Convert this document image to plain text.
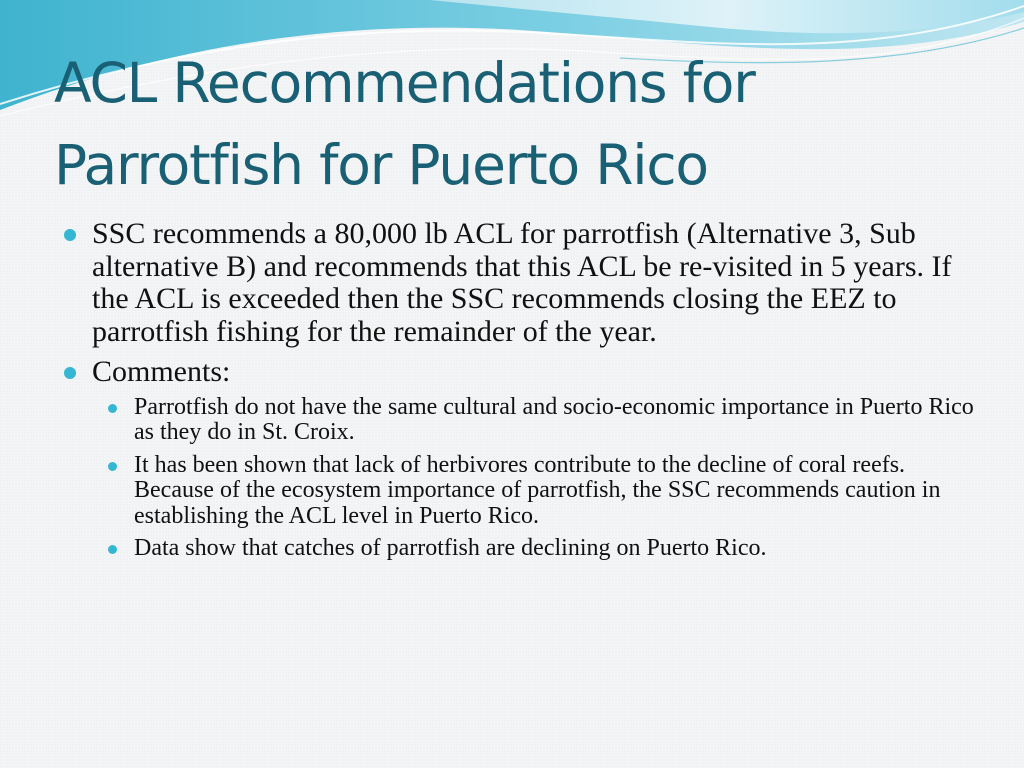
ACL Recommendations for Parrotfish for Puerto Rico
SSC recommends a 80,000 lb ACL for parrotfish (Alternative 3, Sub alternative B) and recommends that this ACL be re-visited in 5 years. If the ACL is exceeded then the SSC recommends closing the EEZ to parrotfish fishing for the remainder of the year.
Comments:
Parrotfish do not have the same cultural and socio-economic importance in Puerto Rico as they do in St. Croix.
It has been shown that lack of herbivores contribute to the decline of coral reefs. Because of the ecosystem importance of parrotfish, the SSC recommends caution in establishing the ACL level in Puerto Rico.
Data show that catches of parrotfish are declining on Puerto Rico.
